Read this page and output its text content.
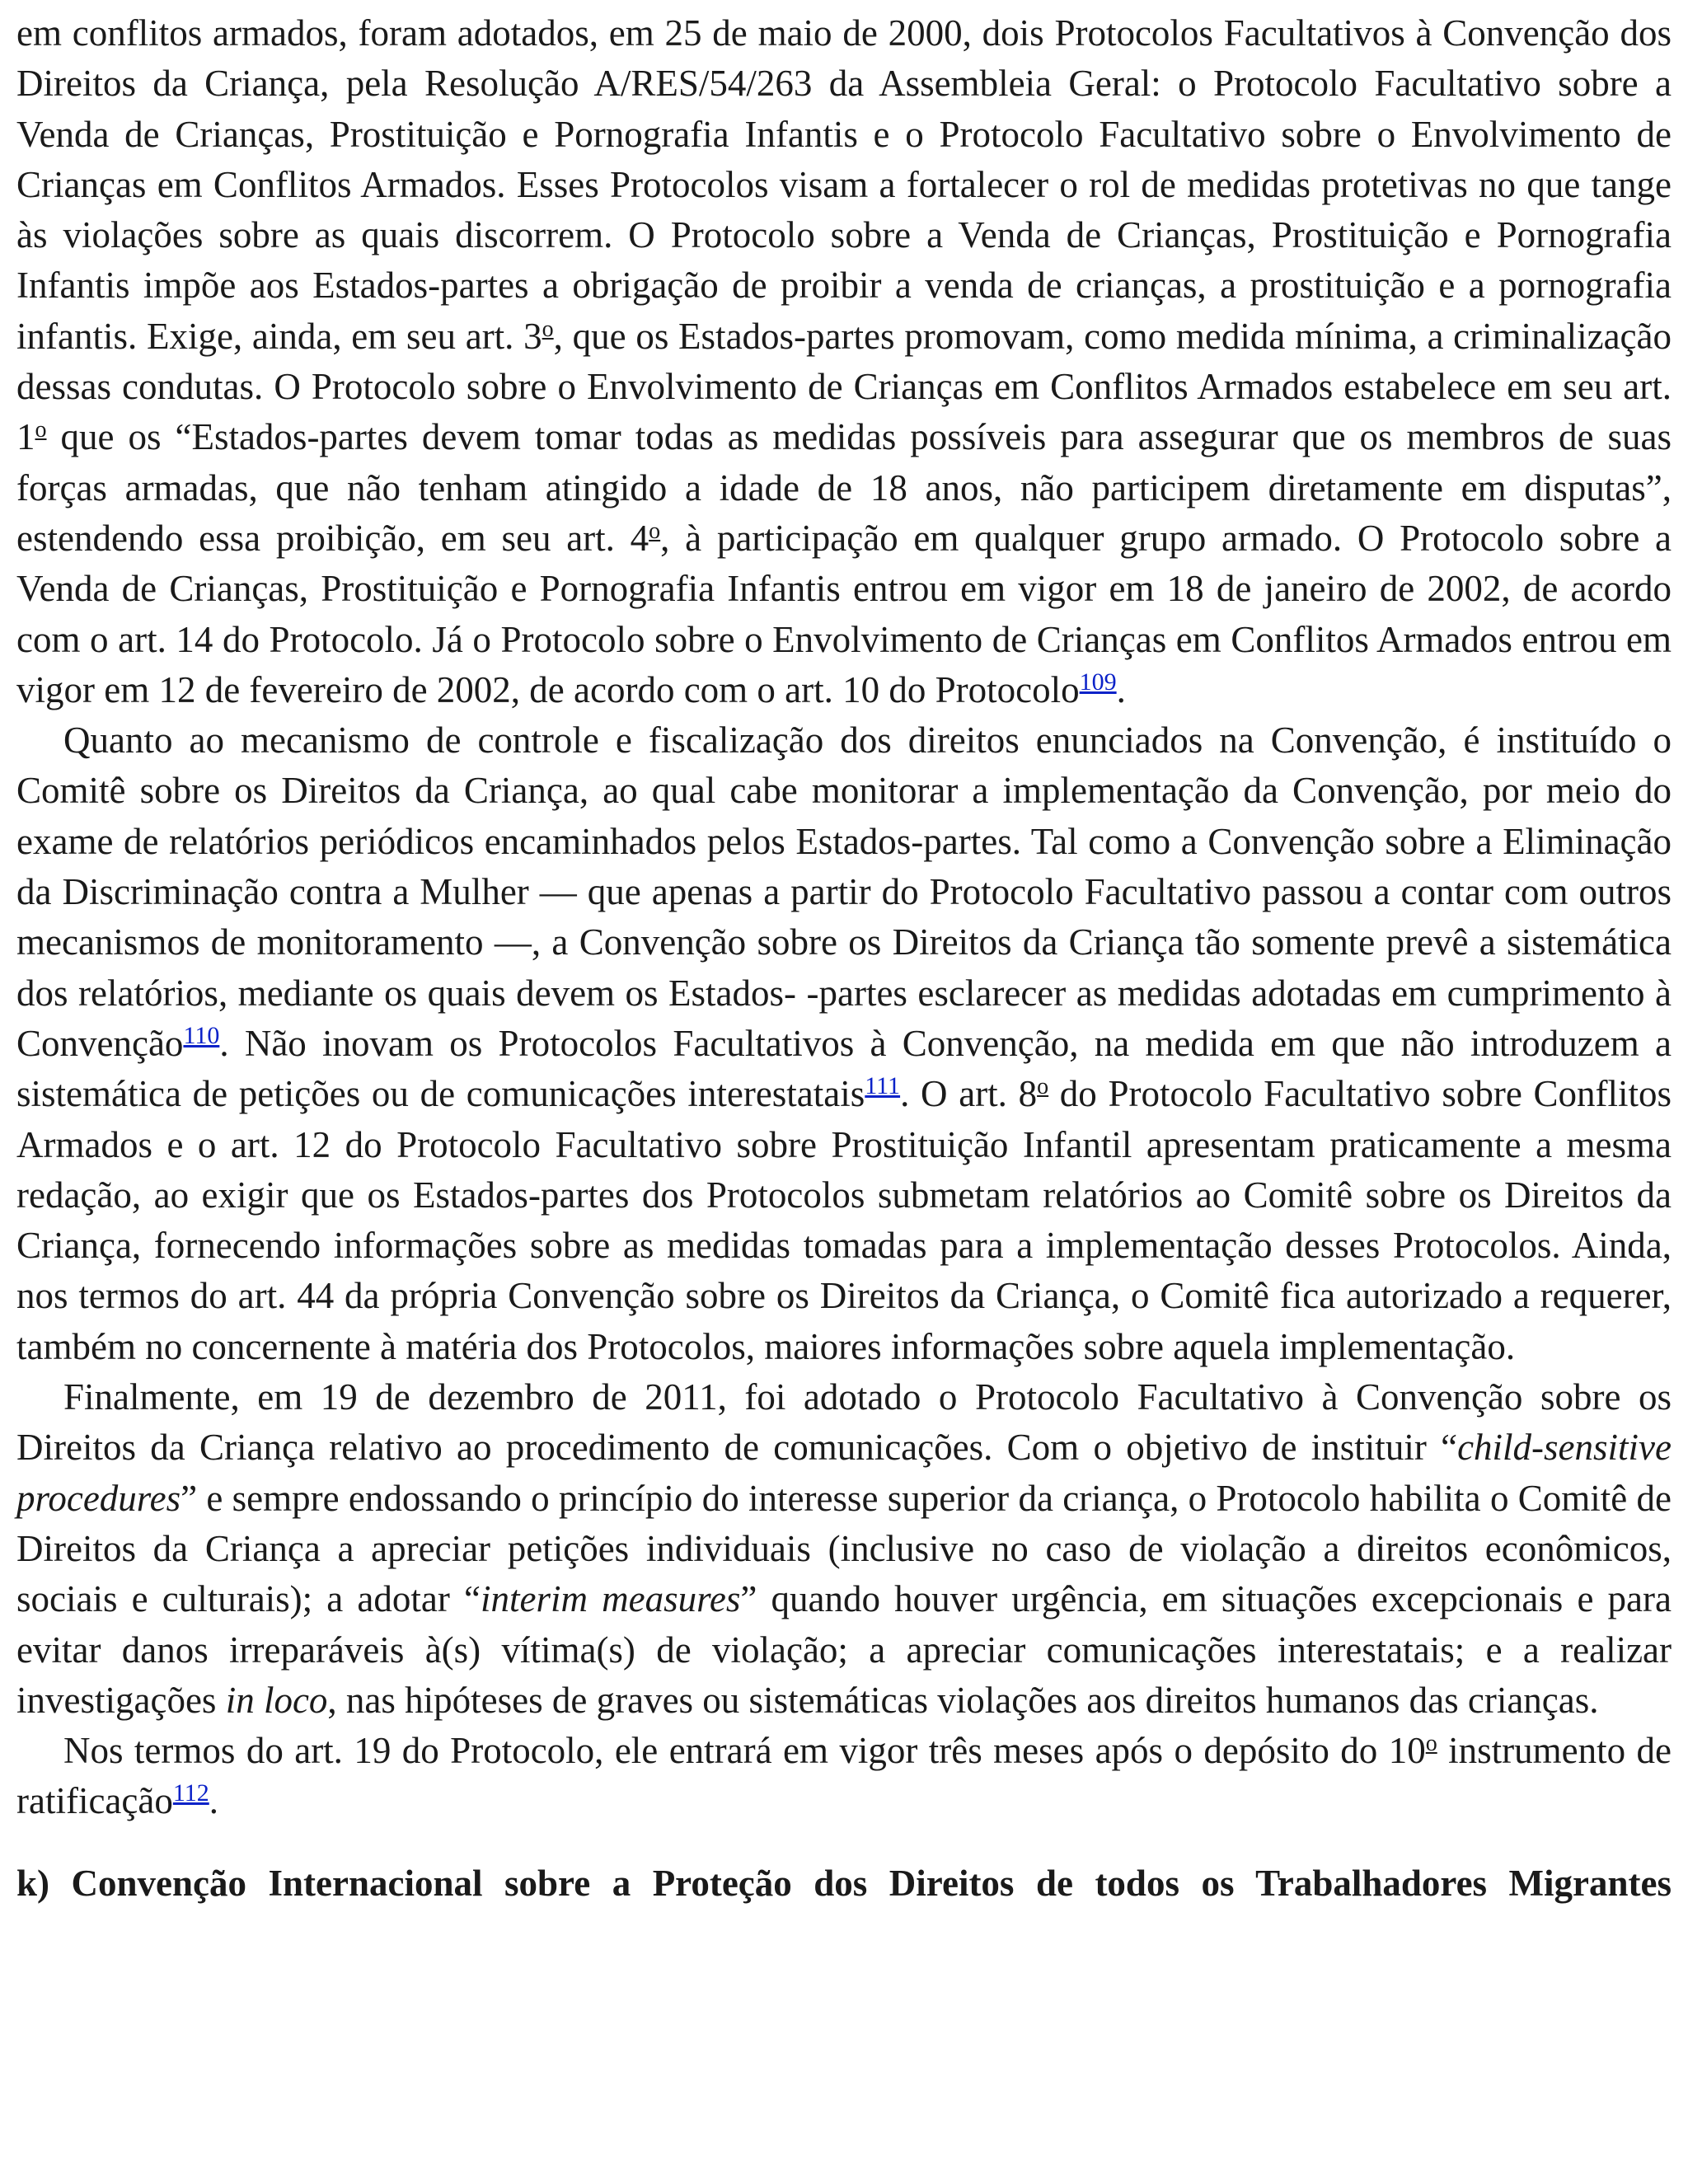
em conflitos armados, foram adotados, em 25 de maio de 2000, dois Protocolos Facultativos à Convenção dos Direitos da Criança, pela Resolução A/RES/54/263 da Assembleia Geral: o Protocolo Facultativo sobre a Venda de Crianças, Prostituição e Pornografia Infantis e o Protocolo Facultativo sobre o Envolvimento de Crianças em Conflitos Armados. Esses Protocolos visam a fortalecer o rol de medidas protetivas no que tange às violações sobre as quais discorrem. O Protocolo sobre a Venda de Crianças, Prostituição e Pornografia Infantis impõe aos Estados-partes a obrigação de proibir a venda de crianças, a prostituição e a pornografia infantis. Exige, ainda, em seu art. 3$^o$, que os Estados-partes promovam, como medida mínima, a criminalização dessas condutas. O Protocolo sobre o Envolvimento de Crianças em Conflitos Armados estabelece em seu art. 1$^o$ que os “Estados-partes devem tomar todas as medidas possíveis para assegurar que os membros de suas forças armadas, que não tenham atingido a idade de 18 anos, não participem diretamente em disputas”, estendendo essa proibição, em seu art. 4$^o$, à participação em qualquer grupo armado. O Protocolo sobre a Venda de Crianças, Prostituição e Pornografia Infantis entrou em vigor em 18 de janeiro de 2002, de acordo com o art. 14 do Protocolo. Já o Protocolo sobre o Envolvimento de Crianças em Conflitos Armados entrou em vigor em 12 de fevereiro de 2002, de acordo com o art. 10 do Protocolo$^{109}$.

Quanto ao mecanismo de controle e fiscalização dos direitos enunciados na Convenção, é instituído o Comitê sobre os Direitos da Criança, ao qual cabe monitorar a implementação da Convenção, por meio do exame de relatórios periódicos encaminhados pelos Estados-partes. Tal como a Convenção sobre a Eliminação da Discriminação contra a Mulher — que apenas a partir do Protocolo Facultativo passou a contar com outros mecanismos de monitoramento —, a Convenção sobre os Direitos da Criança tão somente prevê a sistemática dos relatórios, mediante os quais devem os Estados- -partes esclarecer as medidas adotadas em cumprimento à Convenção$^{110}$. Não inovam os Protocolos Facultativos à Convenção, na medida em que não introduzem a sistemática de petições ou de comunicações interestatais$^{111}$. O art. 8$^o$ do Protocolo Facultativo sobre Conflitos Armados e o art. 12 do Protocolo Facultativo sobre Prostituição Infantil apresentam praticamente a mesma redação, ao exigir que os Estados-partes dos Protocolos submetam relatórios ao Comitê sobre os Direitos da Criança, fornecendo informações sobre as medidas tomadas para a implementação desses Protocolos. Ainda, nos termos do art. 44 da própria Convenção sobre os Direitos da Criança, o Comitê fica autorizado a requerer, também no concernente à matéria dos Protocolos, maiores informações sobre aquela implementação.

Finalmente, em 19 de dezembro de 2011, foi adotado o Protocolo Facultativo à Convenção sobre os Direitos da Criança relativo ao procedimento de comunicações. Com o objetivo de instituir “child-sensitive procedures” e sempre endossando o princípio do interesse superior da criança, o Protocolo habilita o Comitê de Direitos da Criança a apreciar petições individuais (inclusive no caso de violação a direitos econômicos, sociais e culturais); a adotar “interim measures” quando houver urgência, em situações excepcionais e para evitar danos irreparáveis à(s) vítima(s) de violação; a apreciar comunicações interestatais; e a realizar investigações in loco, nas hipóteses de graves ou sistemáticas violações aos direitos humanos das crianças.

Nos termos do art. 19 do Protocolo, ele entrará em vigor três meses após o depósito do 10$^o$ instrumento de ratificação$^{112}$.

k) Convenção Internacional sobre a Proteção dos Direitos de todos os Trabalhadores Migrantes
